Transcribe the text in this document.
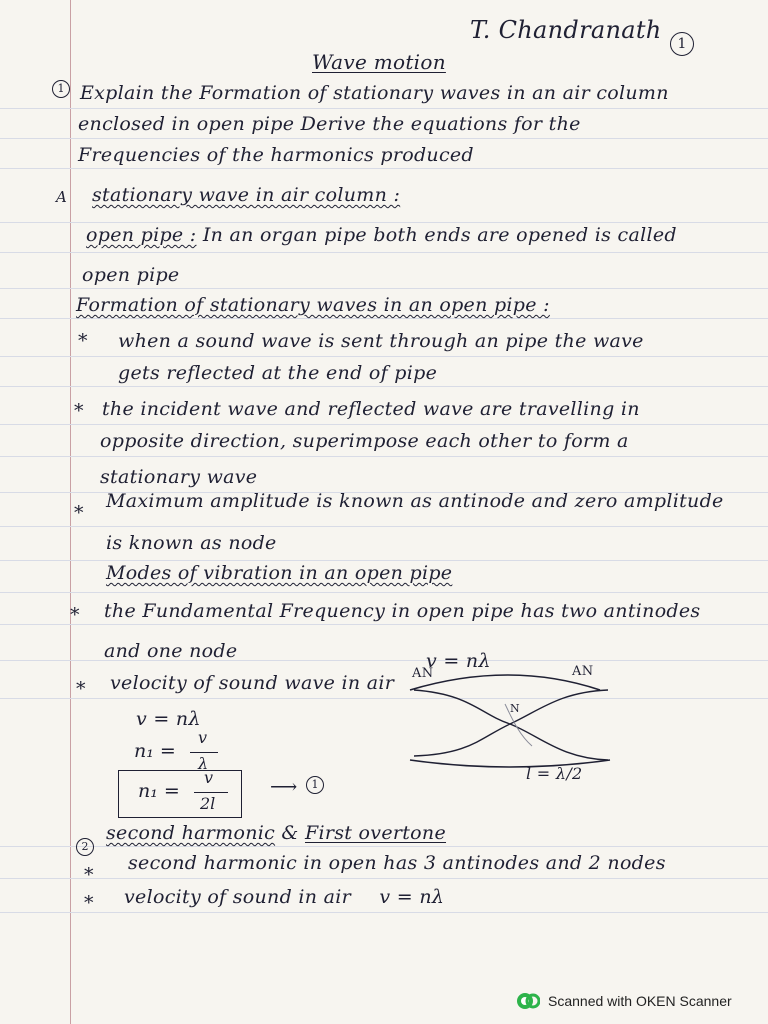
T. Chandranath	1
Wave motion
1 Explain the Formation of stationary waves in an air column
enclosed in open pipe Derive the equations for the
Frequencies of the harmonics produced
A stationary wave in air column :
open pipe : In an organ pipe both ends are opened is called
open pipe
Formation of stationary waves in an open pipe :
* when a sound wave is sent through an pipe the wave
gets reflected at the end of pipe
* the incident wave and reflected wave are travelling in
opposite direction, superimpose each other to form a
stationary wave
*
Maximum amplitude is known as antinode and zero amplitude
is known as node
Modes of vibration in an open pipe
* the Fundamental Frequency in open pipe has two antinodes
and one node
* velocity of sound wave in air
v = nλ
v = nλ
n₁ =
v
λ
n₁ =
v
2l
⟶	1
AN	AN
N
l = λ/2
2
second harmonic & First overtone
*
second harmonic in open has 3 antinodes and 2 nodes
* velocity of sound in air v = nλ
Scanned with OKEN Scanner
